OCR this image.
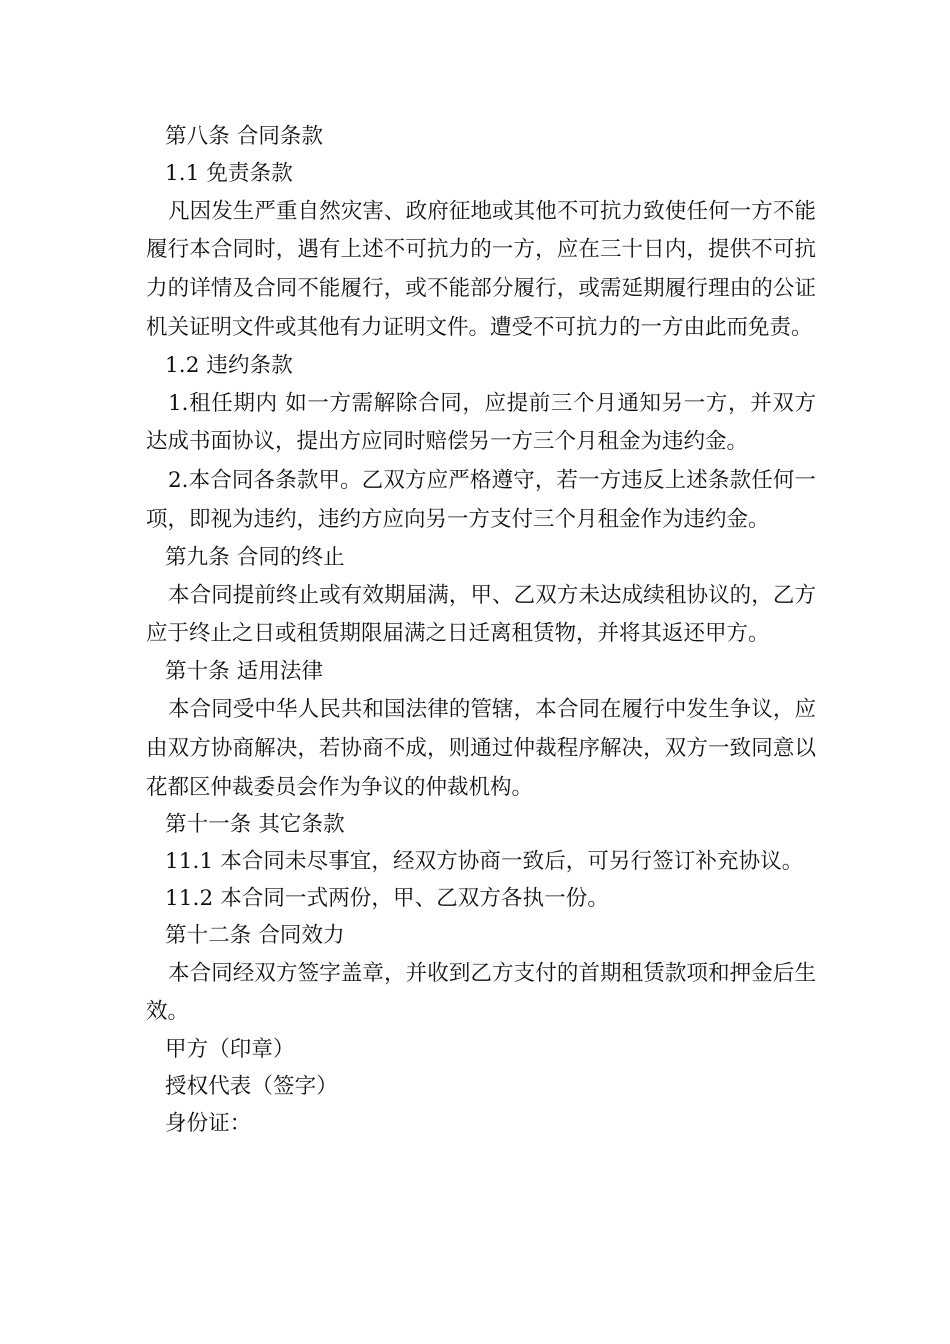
第八条 合同条款
1.1 免责条款

凡因发生严重自然灾害、政府征地或其他不可抗力致使任何一方不能履行本合同时，遇有上述不可抗力的一方，应在三十日内，提供不可抗力的详情及合同不能履行，或不能部分履行，或需延期履行理由的公证机关证明文件或其他有力证明文件。遭受不可抗力的一方由此而免责。

1.2 违约条款

1.租任期内 如一方需解除合同，应提前三个月通知另一方，并双方达成书面协议，提出方应同时赔偿另一方三个月租金为违约金。

2.本合同各条款甲。乙双方应严格遵守，若一方违反上述条款任何一项，即视为违约，违约方应向另一方支付三个月租金作为违约金。

第九条 合同的终止

本合同提前终止或有效期届满，甲、乙双方未达成续租协议的，乙方应于终止之日或租赁期限届满之日迁离租赁物，并将其返还甲方。

第十条 适用法律

本合同受中华人民共和国法律的管辖，本合同在履行中发生争议，应由双方协商解决，若协商不成，则通过仲裁程序解决，双方一致同意以花都区仲裁委员会作为争议的仲裁机构。

第十一条 其它条款
11.1 本合同未尽事宜，经双方协商一致后，可另行签订补充协议。
11.2 本合同一式两份，甲、乙双方各执一份。
第十二条 合同效力

本合同经双方签字盖章，并收到乙方支付的首期租赁款项和押金后生效。

甲方（印章）
授权代表（签字）
身份证：
